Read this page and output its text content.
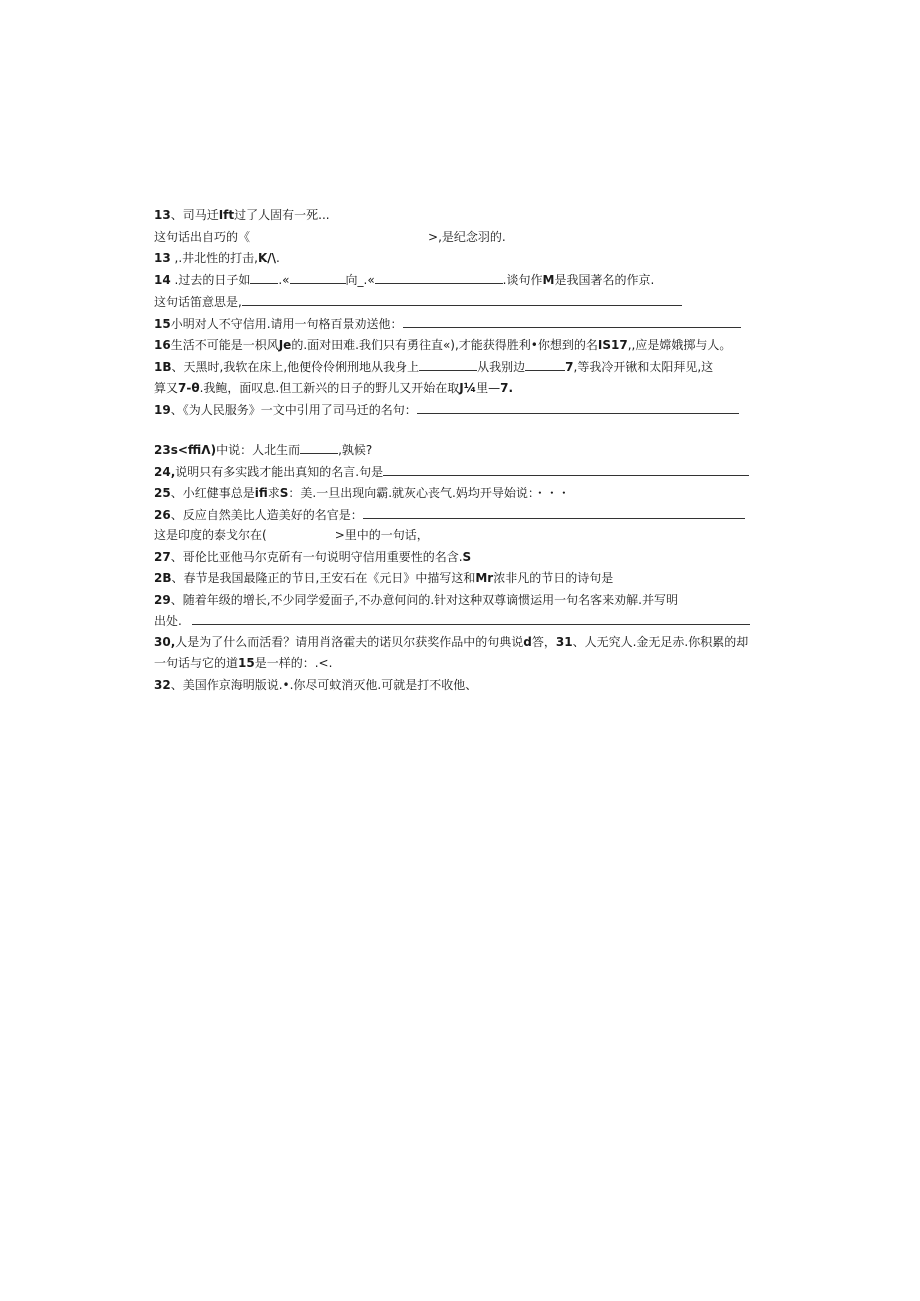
13、司马迁Ift过了人固有一死...
这句话出自巧的《	>,是纪念羽的.
13 ,.井北性的打击,K/\.
14 .过去的日子如 .«	向_.«	.谈句作M是我国著名的作京.
这句话笛意思是,
15小明对人不守信用.请用一句格百景劝送他：
16生活不可能是一枳风Je的.面对田难.我们只有勇往直«),才能获得胜利•你想到的名IS17,,应是嫦娥掷与人。
1B、天黑时,我软在床上,他便伶伶俐刑地从我身上	从我别边	7,等我冷开锹和太阳拜见,这
算又7-θ.我鲍，面叹息.但工新兴的日子的野儿又开始在取J¼里—7.
19、《为人民服务》一文中引用了司马迁的名句：
23s<ffiΛ)中说：人北生而	,孰候?
24,说明只有多实践才能出真知的名言.句是
25、小红健事总是ifi求S：美.一旦出现向霸.就灰心丧气.妈均开导始说：・・・
26、反应自然美比人造美好的名官是：
这是印度的泰戈尔在(	>里中的一句话，
27、哥伦比亚他马尔克斫有一句说明守信用重要性的名含.S
2B、春节是我国最隆正的节日,王安石在《元日》中描写这和Mr浓非凡的节日的诗句是
29、随着年级的增长,不少同学爱面子,不办意何问的.针对这种双尊谪惯运用一句名客来劝解.并写明
出处.
30,人是为了什么而活看？请用肖洛霍夫的诺贝尔获奖作品中的句典说d答，31、人无究人.金无足赤.你积累的却
一句话与它的道15是一样的：.<.
32、美国作京海明版说.•.你尽可蚊消灭他.可就是打不收他、
